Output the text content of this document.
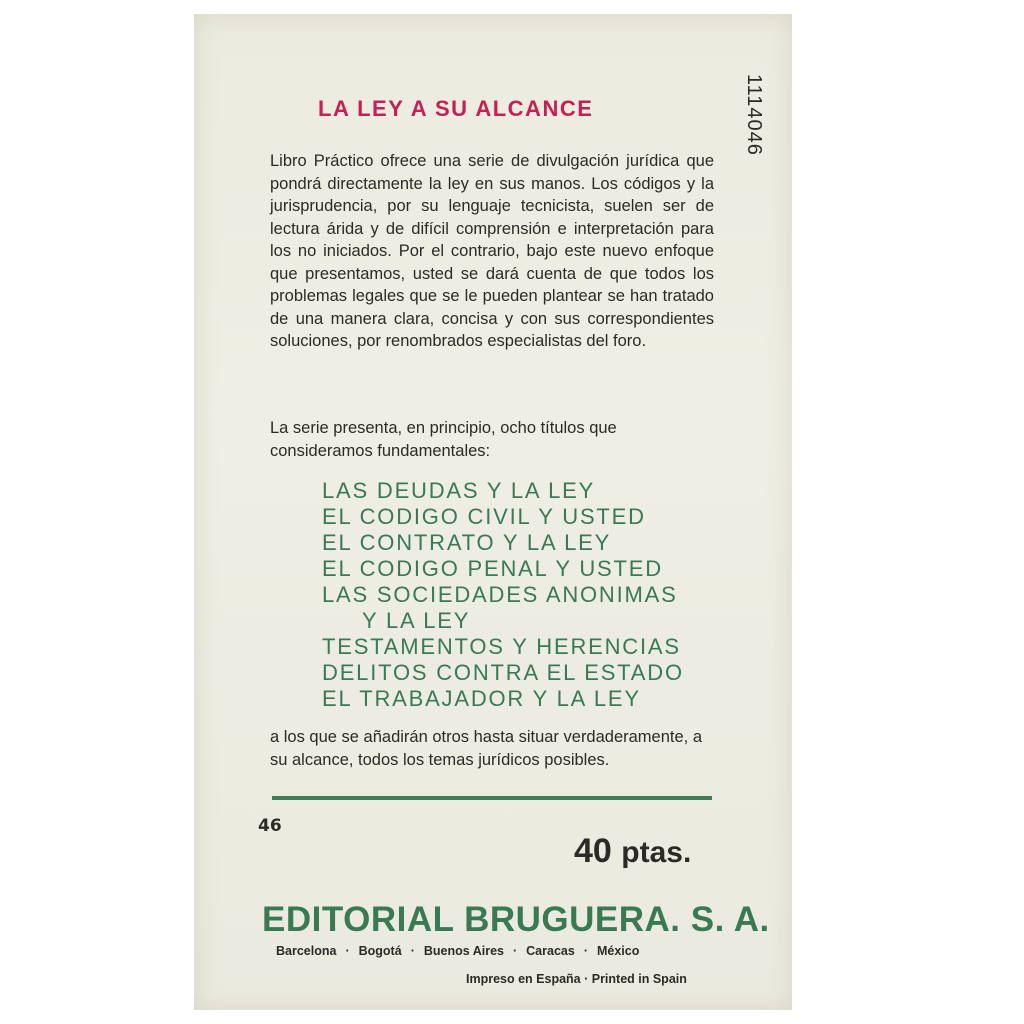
LA LEY A SU ALCANCE	1114046

Libro Práctico ofrece una serie de divulgación jurídica que pondrá directamente la ley en sus manos. Los códigos y la jurisprudencia, por su lenguaje tecnicista, suelen ser de lectura árida y de difícil comprensión e interpretación para los no iniciados. Por el contrario, bajo este nuevo enfoque que presentamos, usted se dará cuenta de que todos los problemas legales que se le pueden plantear se han tratado de una manera clara, concisa y con sus correspondientes soluciones, por renombrados especialistas del foro.

La serie presenta, en principio, ocho títulos que consideramos fundamentales:

LAS DEUDAS Y LA LEY
EL CODIGO CIVIL Y USTED
EL CONTRATO Y LA LEY
EL CODIGO PENAL Y USTED
LAS SOCIEDADES ANONIMAS
Y LA LEY
TESTAMENTOS Y HERENCIAS
DELITOS CONTRA EL ESTADO
EL TRABAJADOR Y LA LEY

a los que se añadirán otros hasta situar verdaderamente, a su alcance, todos los temas jurídicos posibles.

46
40 ptas.
EDITORIAL BRUGUERA. S. A.
Barcelona	· Bogotá	· Buenos Aires	· Caracas	· México
Impreso en España · Printed in Spain
